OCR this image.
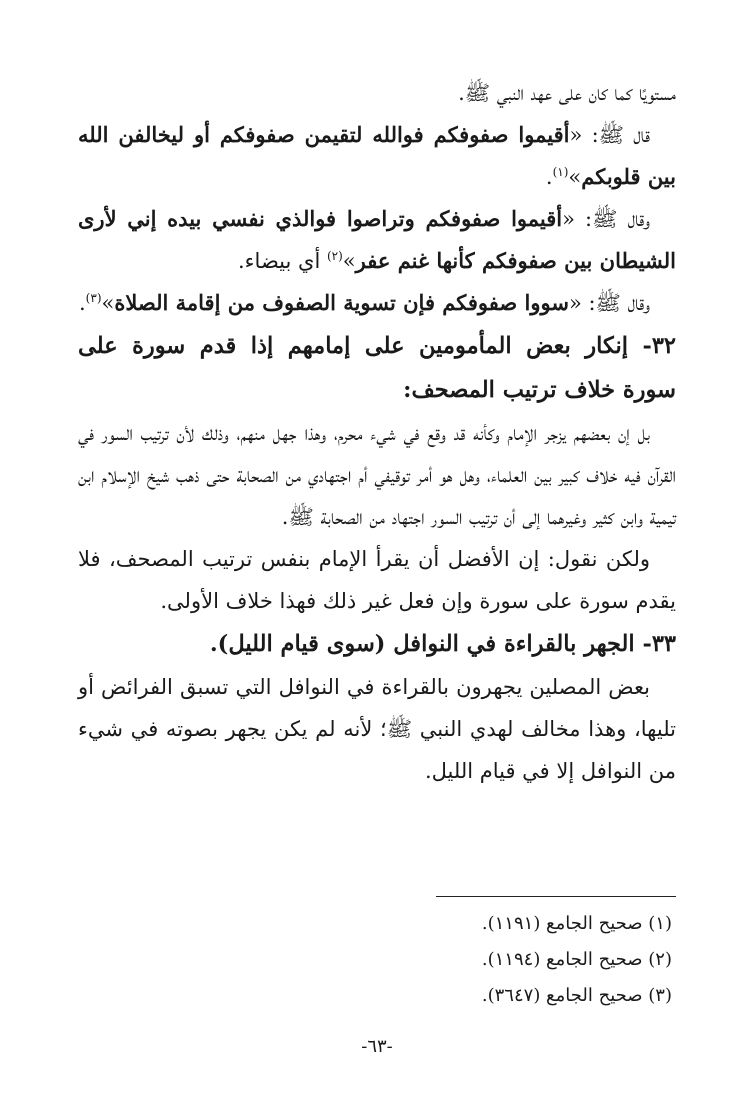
مستويًا كما كان على عهد النبي ﷺ.

قال ﷺ: «أقيموا صفوفكم فوالله لتقيمن صفوفكم أو ليخالفن الله بين قلوبكم»$^{(١)}$.

وقال ﷺ: «أقيموا صفوفكم وتراصوا فوالذي نفسي بيده إني لأرى الشيطان بين صفوفكم كأنها غنم عفر»$^{(٢)}$ أي بيضاء.

وقال ﷺ: «سووا صفوفكم فإن تسوية الصفوف من إقامة الصلاة»$^{(٣)}$.

٣٢- إنكار بعض المأمومين على إمامهم إذا قدم سورة على سورة خلاف ترتيب المصحف:

بل إن بعضهم يزجر الإمام وكأنه قد وقع في شيء محرم، وهذا جهل منهم، وذلك لأن ترتيب السور في القرآن فيه خلاف كبير بين العلماء، وهل هو أمر توقيفي أم اجتهادي من الصحابة حتى ذهب شيخ الإسلام ابن تيمية وابن كثير وغيرهما إلى أن ترتيب السور اجتهاد من الصحابة ﷺ.

ولكن نقول: إن الأفضل أن يقرأ الإمام بنفس ترتيب المصحف، فلا يقدم سورة على سورة وإن فعل غير ذلك فهذا خلاف الأولى.

٣٣- الجهر بالقراءة في النوافل (سوى قيام الليل).

بعض المصلين يجهرون بالقراءة في النوافل التي تسبق الفرائض أو تليها، وهذا مخالف لهدي النبي ﷺ؛ لأنه لم يكن يجهر بصوته في شيء من النوافل إلا في قيام الليل.

(١) صحيح الجامع (١١٩١).

(٢) صحيح الجامع (١١٩٤).

(٣) صحيح الجامع (٣٦٤٧).

-٦٣-
